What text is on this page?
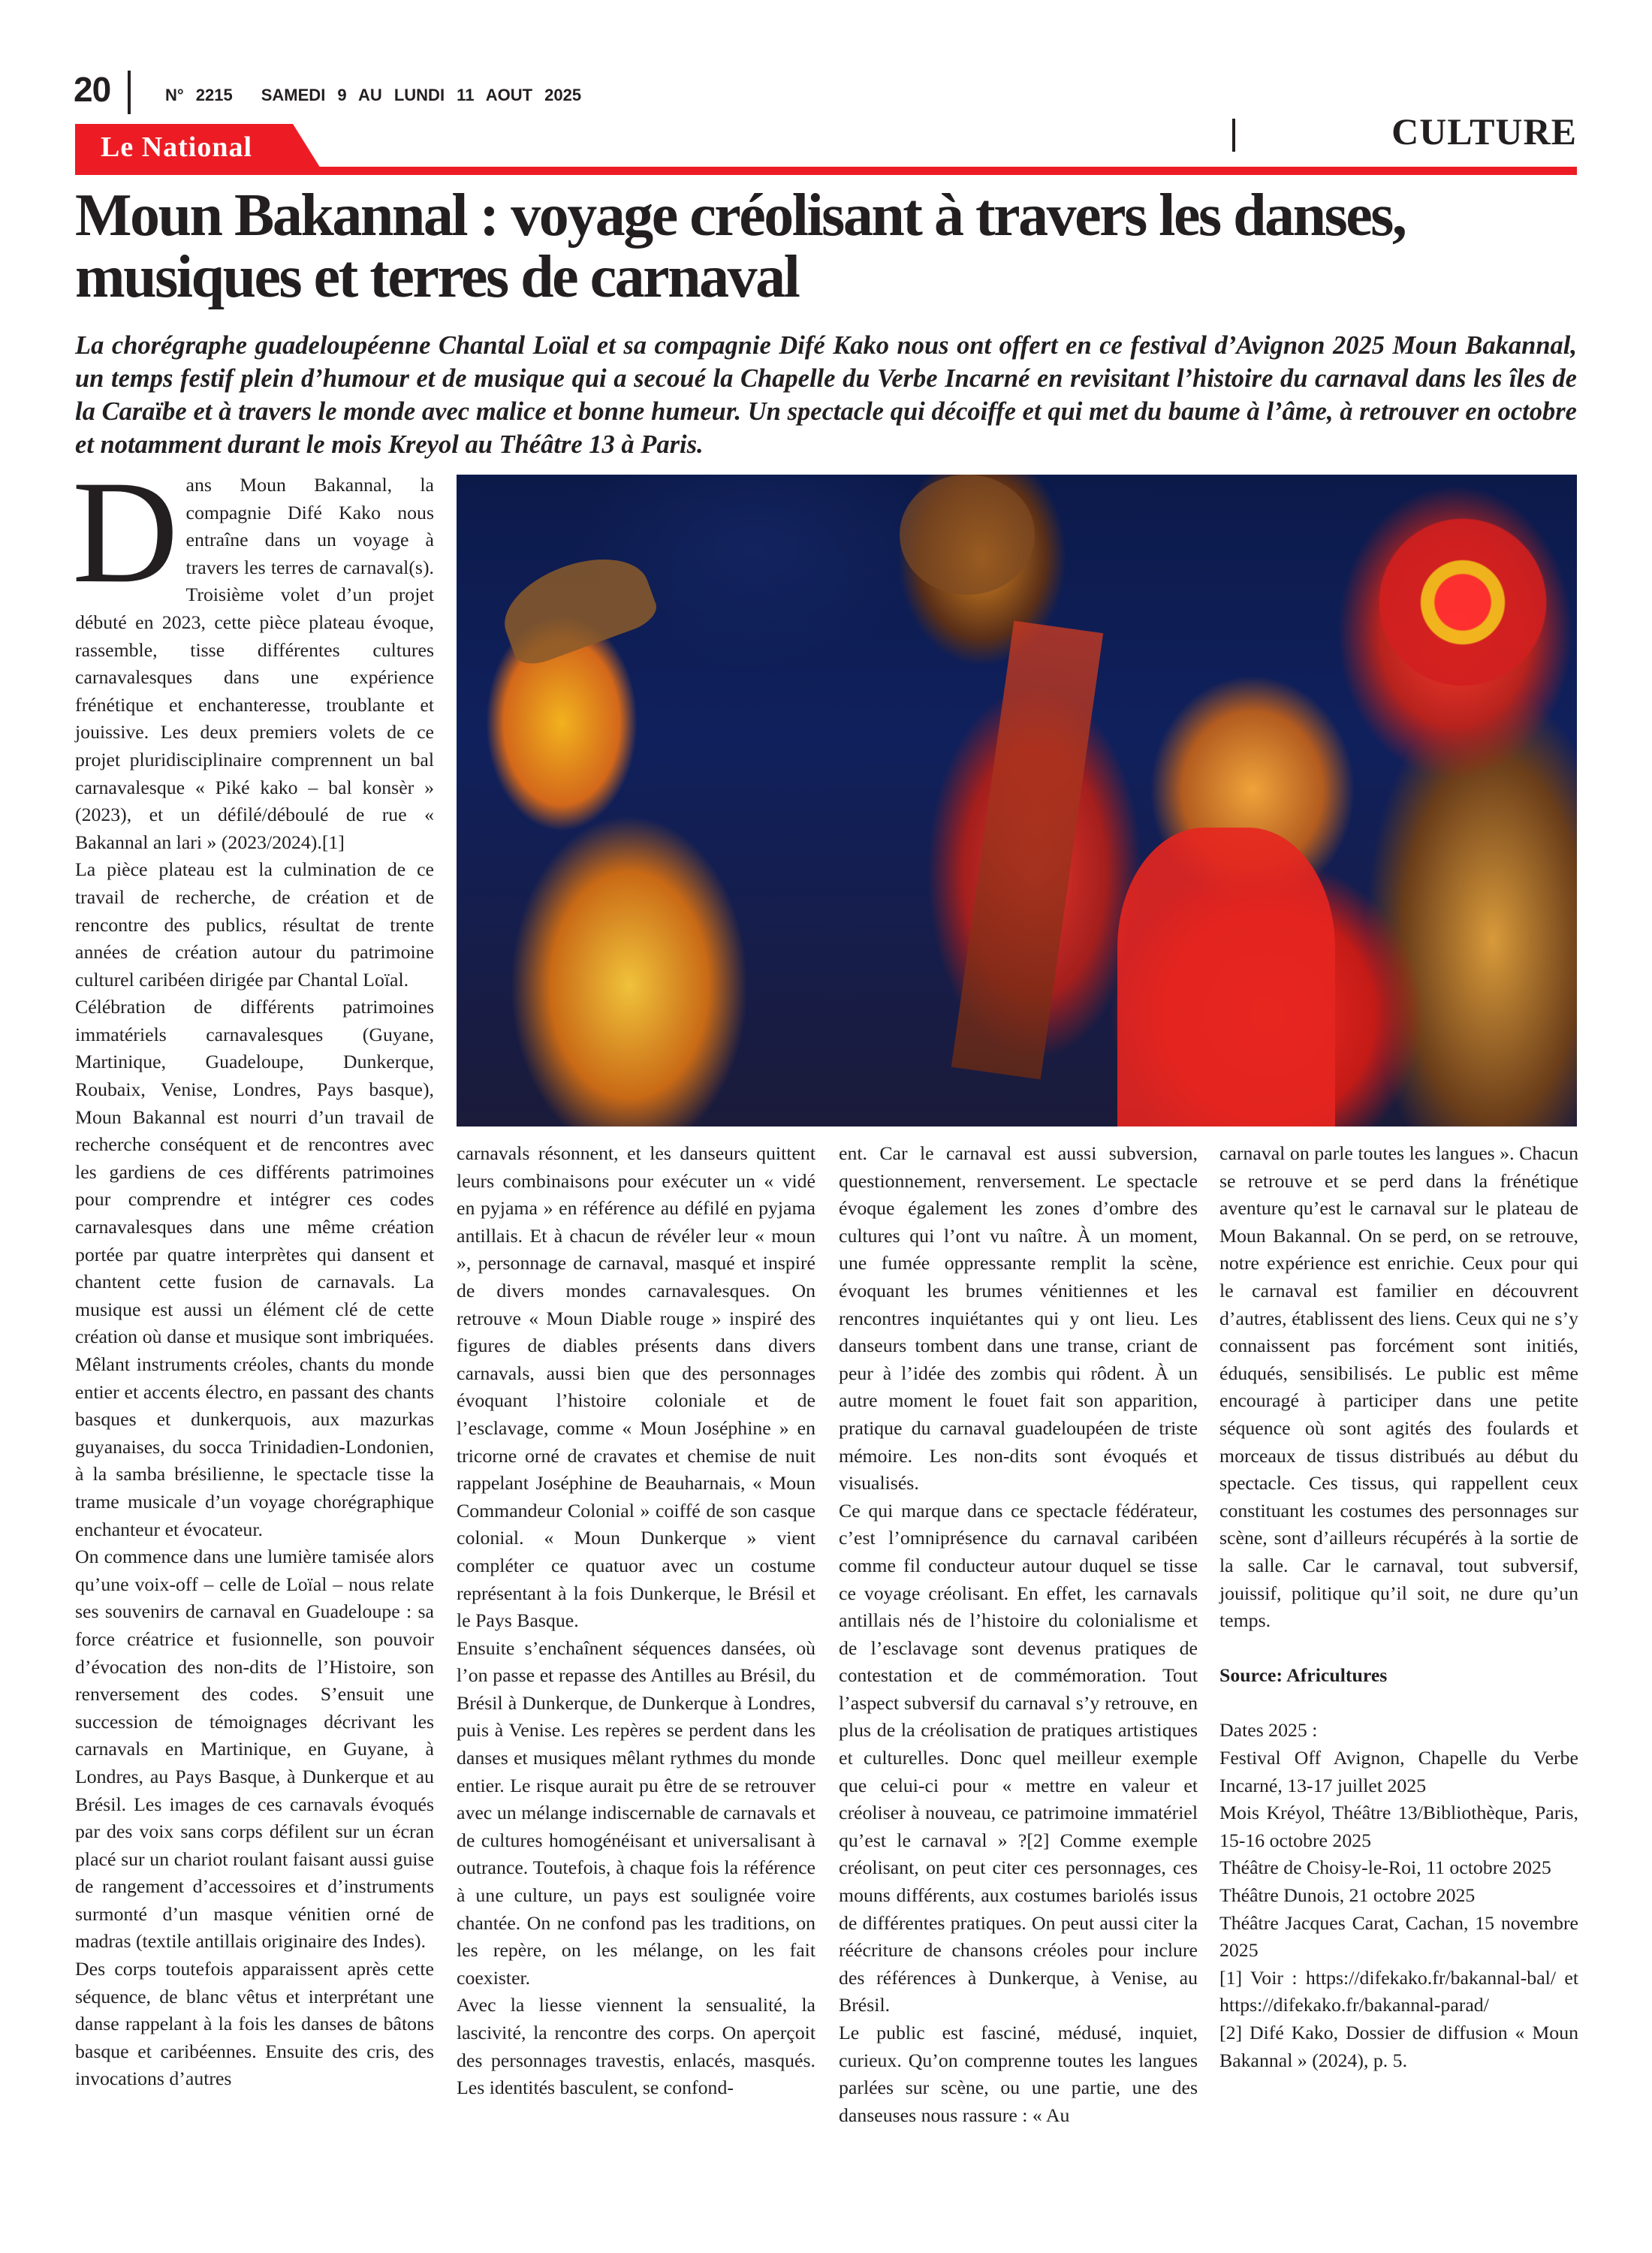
20	N° 2215 SAMEDI 9 AU LUNDI 11 AOUT 2025
CULTURE
Le National
Moun Bakannal : voyage créolisant à travers les danses, musiques et terres de carnaval

La chorégraphe guadeloupéenne Chantal Loïal et sa compagnie Difé Kako nous ont offert en ce festival d’Avignon 2025 Moun Bakannal, un temps festif plein d’humour et de musique qui a secoué la Chapelle du Verbe Incarné en revisitant l’histoire du carnaval dans les îles de la Caraïbe et à travers le monde avec malice et bonne humeur. Un spectacle qui décoiffe et qui met du baume à l’âme, à retrouver en octobre et notamment durant le mois Kreyol au Théâtre 13 à Paris.

Dans Moun Bakannal, la compagnie Difé Kako nous entraîne dans un voyage à travers les terres de carnaval(s). Troisième volet d’un projet débuté en 2023, cette pièce plateau évoque, rassemble, tisse différentes cultures carnavalesques dans une expérience frénétique et enchanteresse, troublante et jouissive. Les deux premiers volets de ce projet pluridisciplinaire comprennent un bal carnavalesque « Piké kako – bal konsèr » (2023), et un défilé/déboulé de rue « Bakannal an lari » (2023/2024).[1]

La pièce plateau est la culmination de ce travail de recherche, de création et de rencontre des publics, résultat de trente années de création autour du patrimoine culturel caribéen dirigée par Chantal Loïal.

Célébration de différents patrimoines immatériels carnavalesques (Guyane, Martinique, Guadeloupe, Dunkerque, Roubaix, Venise, Londres, Pays basque), Moun Bakannal est nourri d’un travail de recherche conséquent et de rencontres avec les gardiens de ces différents patrimoines pour comprendre et intégrer ces codes carnavalesques dans une même création portée par quatre interprètes qui dansent et chantent cette fusion de carnavals. La musique est aussi un élément clé de cette création où danse et musique sont imbriquées. Mêlant instruments créoles, chants du monde entier et accents électro, en passant des chants basques et dunkerquois, aux mazurkas guyanaises, du socca Trinidadien-Londonien, à la samba brésilienne, le spectacle tisse la trame musicale d’un voyage chorégraphique enchanteur et évocateur.

On commence dans une lumière tamisée alors qu’une voix-off – celle de Loïal – nous relate ses souvenirs de carnaval en Guadeloupe : sa force créatrice et fusionnelle, son pouvoir d’évocation des non-dits de l’Histoire, son renversement des codes. S’ensuit une succession de témoignages décrivant les carnavals en Martinique, en Guyane, à Londres, au Pays Basque, à Dunkerque et au Brésil. Les images de ces carnavals évoqués par des voix sans corps défilent sur un écran placé sur un chariot roulant faisant aussi guise de rangement d’accessoires et d’instruments surmonté d’un masque vénitien orné de madras (textile antillais originaire des Indes).

Des corps toutefois apparaissent après cette séquence, de blanc vêtus et interprétant une danse rappelant à la fois les danses de bâtons basque et caribéennes. Ensuite des cris, des invocations d’autres

carnavals résonnent, et les danseurs quittent leurs combinaisons pour exécuter un « vidé en pyjama » en référence au défilé en pyjama antillais. Et à chacun de révéler leur « moun », personnage de carnaval, masqué et inspiré de divers mondes carnavalesques. On retrouve « Moun Diable rouge » inspiré des figures de diables présents dans divers carnavals, aussi bien que des personnages évoquant l’histoire coloniale et de l’esclavage, comme « Moun Joséphine » en tricorne orné de cravates et chemise de nuit rappelant Joséphine de Beauharnais, « Moun Commandeur Colonial » coiffé de son casque colonial. « Moun Dunkerque » vient compléter ce quatuor avec un costume représentant à la fois Dunkerque, le Brésil et le Pays Basque.

Ensuite s’enchaînent séquences dansées, où l’on passe et repasse des Antilles au Brésil, du Brésil à Dunkerque, de Dunkerque à Londres, puis à Venise. Les repères se perdent dans les danses et musiques mêlant rythmes du monde entier. Le risque aurait pu être de se retrouver avec un mélange indiscernable de carnavals et de cultures homogénéisant et universalisant à outrance. Toutefois, à chaque fois la référence à une culture, un pays est soulignée voire chantée. On ne confond pas les traditions, on les repère, on les mélange, on les fait coexister.

Avec la liesse viennent la sensualité, la lascivité, la rencontre des corps. On aperçoit des personnages travestis, enlacés, masqués. Les identités basculent, se confond-

ent. Car le carnaval est aussi subversion, questionnement, renversement. Le spectacle évoque également les zones d’ombre des cultures qui l’ont vu naître. À un moment, une fumée oppressante remplit la scène, évoquant les brumes vénitiennes et les rencontres inquiétantes qui y ont lieu. Les danseurs tombent dans une transe, criant de peur à l’idée des zombis qui rôdent. À un autre moment le fouet fait son apparition, pratique du carnaval guadeloupéen de triste mémoire. Les non-dits sont évoqués et visualisés.

Ce qui marque dans ce spectacle fédérateur, c’est l’omniprésence du carnaval caribéen comme fil conducteur autour duquel se tisse ce voyage créolisant. En effet, les carnavals antillais nés de l’histoire du colonialisme et de l’esclavage sont devenus pratiques de contestation et de commémoration. Tout l’aspect subversif du carnaval s’y retrouve, en plus de la créolisation de pratiques artistiques et culturelles. Donc quel meilleur exemple que celui-ci pour « mettre en valeur et créoliser à nouveau, ce patrimoine immatériel qu’est le carnaval » ?[2] Comme exemple créolisant, on peut citer ces personnages, ces mouns différents, aux costumes bariolés issus de différentes pratiques. On peut aussi citer la réécriture de chansons créoles pour inclure des références à Dunkerque, à Venise, au Brésil.

Le public est fasciné, médusé, inquiet, curieux. Qu’on comprenne toutes les langues parlées sur scène, ou une partie, une des danseuses nous rassure : « Au

carnaval on parle toutes les langues ». Chacun se retrouve et se perd dans la frénétique aventure qu’est le carnaval sur le plateau de Moun Bakannal. On se perd, on se retrouve, notre expérience est enrichie. Ceux pour qui le carnaval est familier en découvrent d’autres, établissent des liens. Ceux qui ne s’y connaissent pas forcément sont initiés, éduqués, sensibilisés. Le public est même encouragé à participer dans une petite séquence où sont agités des foulards et morceaux de tissus distribués au début du spectacle. Ces tissus, qui rappellent ceux constituant les costumes des personnages sur scène, sont d’ailleurs récupérés à la sortie de la salle. Car le carnaval, tout subversif, jouissif, politique qu’il soit, ne dure qu’un temps.

Source: Africultures

Dates 2025 :

Festival Off Avignon, Chapelle du Verbe Incarné, 13-17 juillet 2025

Mois Kréyol, Théâtre 13/Bibliothèque, Paris, 15-16 octobre 2025

Théâtre de Choisy-le-Roi, 11 octobre 2025

Théâtre Dunois, 21 octobre 2025

Théâtre Jacques Carat, Cachan, 15 novembre 2025

[1] Voir : https://difekako.fr/bakannal-bal/ et https://difekako.fr/bakannal-parad/

[2] Difé Kako, Dossier de diffusion « Moun Bakannal » (2024), p. 5.
